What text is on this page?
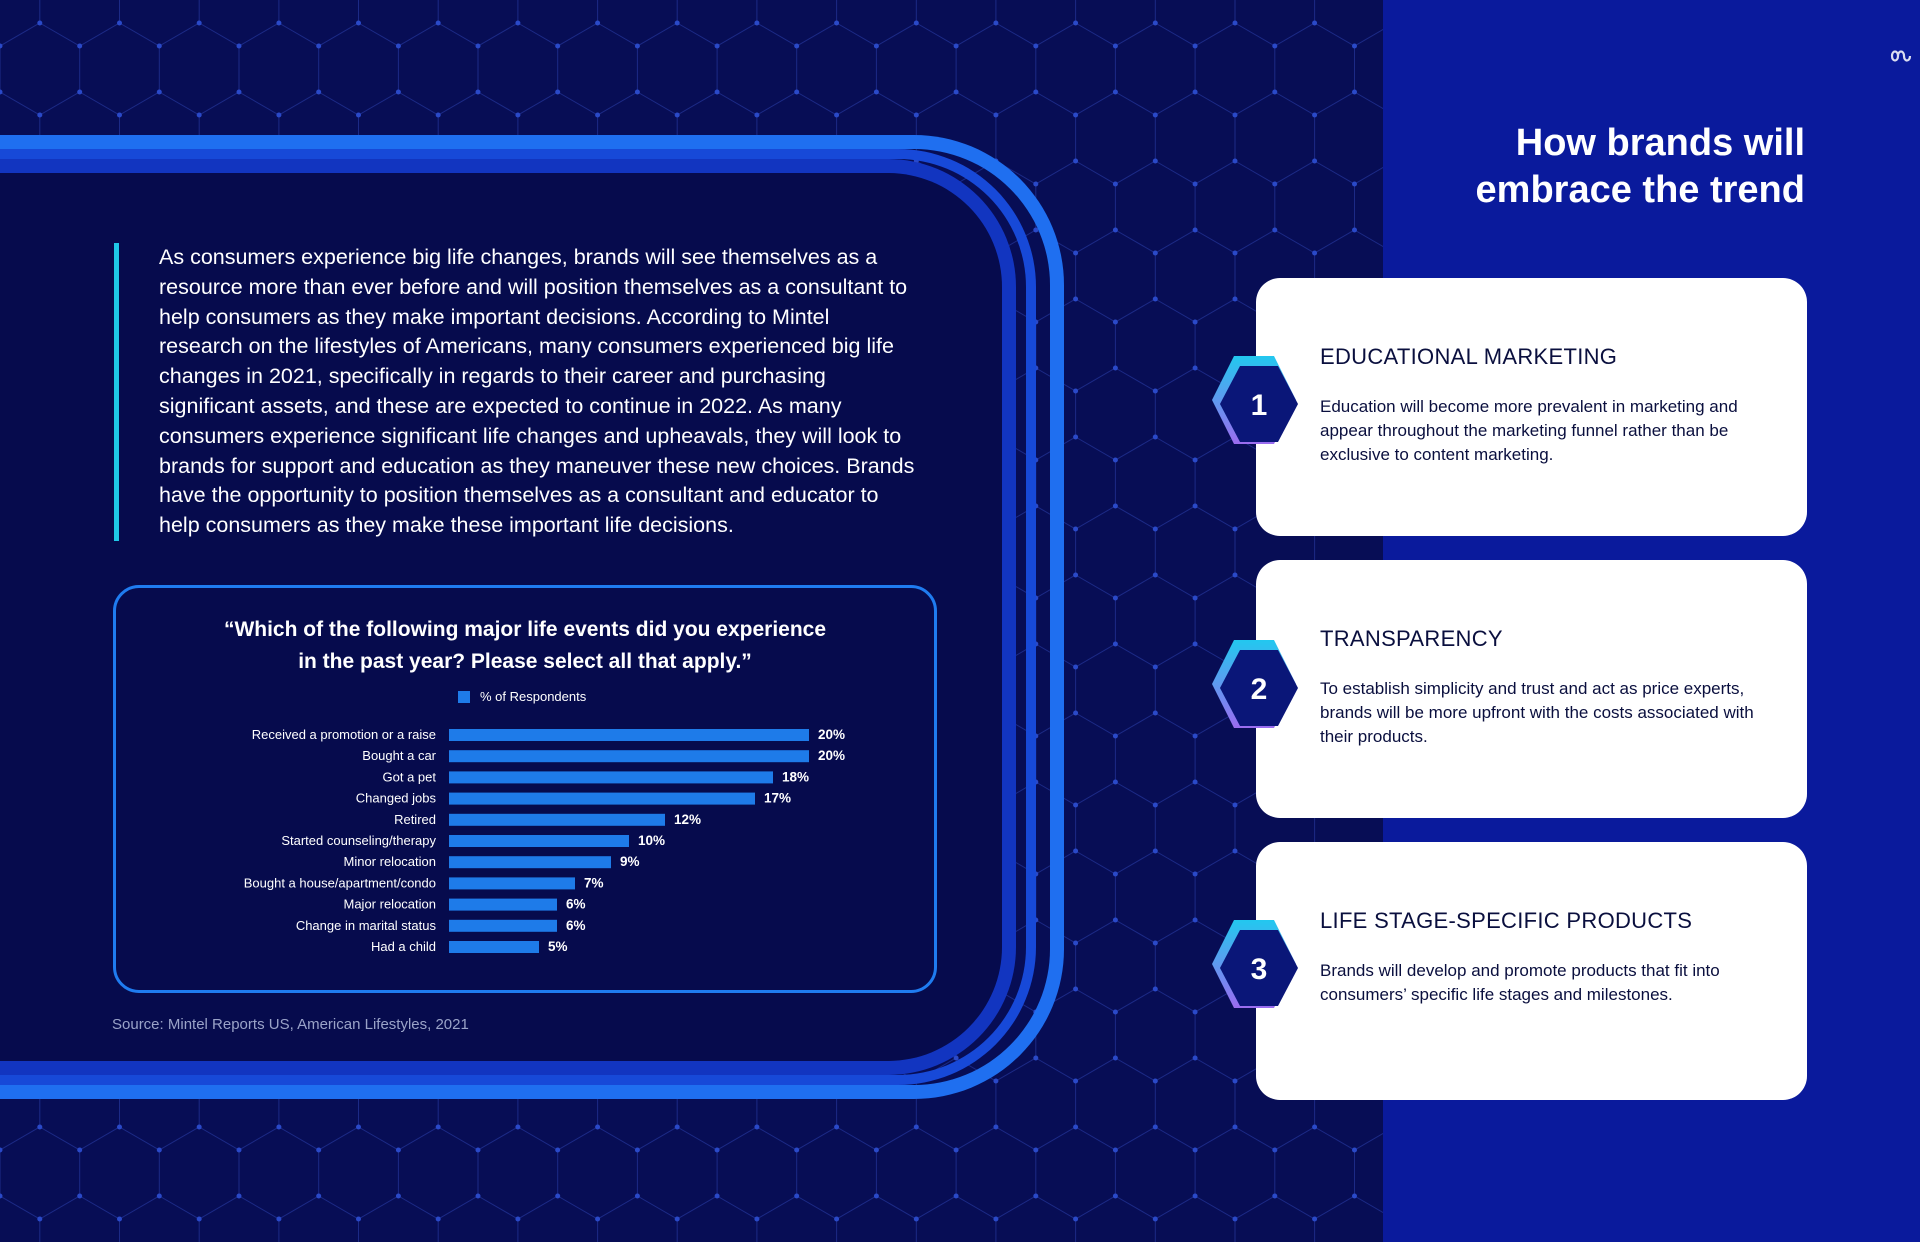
As consumers experience big life changes, brands will see themselves as a resource more than ever before and will position themselves as a consultant to help consumers as they make important decisions. According to Mintel research on the lifestyles of Americans, many consumers experienced big life changes in 2021, specifically in regards to their career and purchasing significant assets, and these are expected to continue in 2022. As many consumers experience significant life changes and upheavals, they will look to brands for support and education as they maneuver these new choices. Brands have the opportunity to position themselves as a consultant and educator to help consumers as they make these important life decisions.

“Which of the following major life events did you experience
in the past year? Please select all that apply.”
% of Respondents
Received a promotion or a raise	20%
Bought a car	20%
Got a pet	18%
Changed jobs	17%
Retired	12%
Started counseling/therapy	10%
Minor relocation	9%
Bought a house/apartment/condo	7%
Major relocation	6%
Change in marital status	6%
Had a child	5%
Source: Mintel Reports US, American Lifestyles, 2021
How brands will
embrace the trend
EDUCATIONAL MARKETING
Education will become more prevalent in marketing and appear throughout the marketing funnel rather than be exclusive to content marketing.
TRANSPARENCY
To establish simplicity and trust and act as price experts, brands will be more upfront with the costs associated with their products.
LIFE STAGE-SPECIFIC PRODUCTS
Brands will develop and promote products that fit into consumers’ specific life stages and milestones.
1
2
3
